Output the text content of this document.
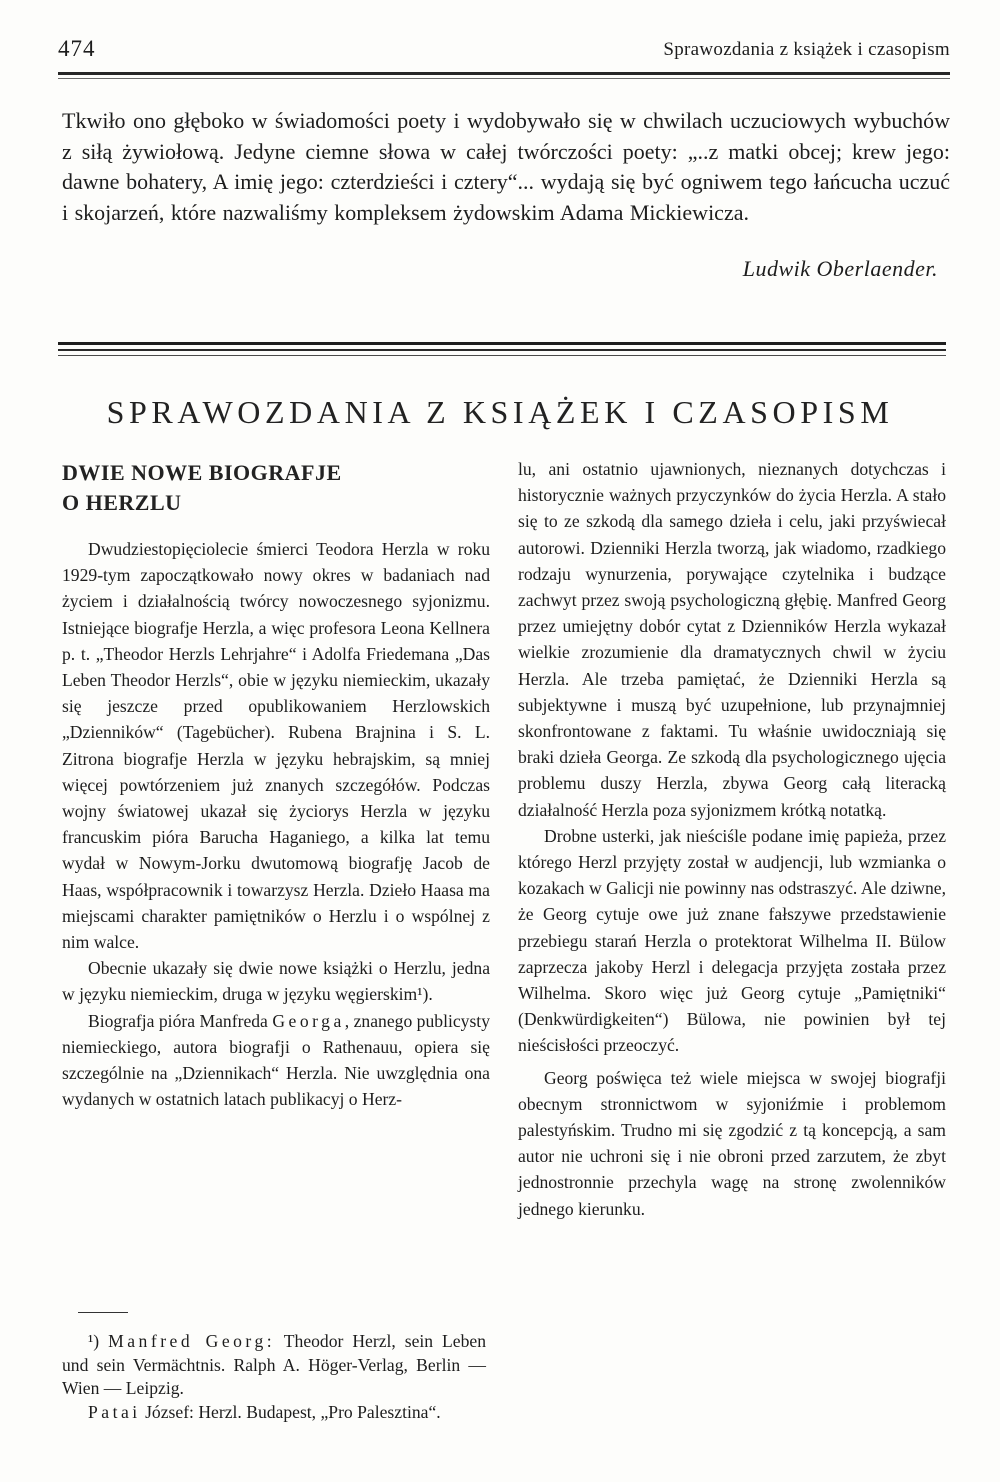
474	Sprawozdania z książek i czasopism

Tkwiło ono głęboko w świadomości poety i wydobywało się w chwilach uczuciowych wybuchów z siłą żywiołową. Jedyne ciemne słowa w całej twórczości poety: „..z matki obcej; krew jego: dawne bohatery, A imię jego: czterdzieści i cztery“... wydają się być ogniwem tego łańcucha uczuć i skojarzeń, które nazwaliśmy kompleksem żydowskim Adama Mickiewicza.

Ludwik Oberlaender.
SPRAWOZDANIA Z KSIĄŻEK I CZASOPISM
DWIE NOWE BIOGRAFJE
O HERZLU

Dwudziestopięciolecie śmierci Teodora Herzla w roku 1929-tym zapoczątkowało nowy okres w badaniach nad życiem i działalnością twórcy nowoczesnego syjonizmu. Istniejące biografje Herzla, a więc profesora Leona Kellnera p. t. „Theodor Herzls Lehrjahre“ i Adolfa Friedemana „Das Leben Theodor Herzls“, obie w języku niemieckim, ukazały się jeszcze przed opublikowaniem Herzlowskich „Dzienników“ (Tagebücher). Rubena Brajnina i S. L. Zitrona biografje Herzla w języku hebrajskim, są mniej więcej powtórzeniem już znanych szczegółów. Podczas wojny światowej ukazał się życiorys Herzla w języku francuskim pióra Barucha Haganiego, a kilka lat temu wydał w Nowym-Jorku dwutomową biografję Jacob de Haas, współpracownik i towarzysz Herzla. Dzieło Haasa ma miejscami charakter pamiętników o Herzlu i o wspólnej z nim walce.

Obecnie ukazały się dwie nowe książki o Herzlu, jedna w języku niemieckim, druga w języku węgierskim¹).

Biografja pióra Manfreda Georga, znanego publicysty niemieckiego, autora biografji o Rathenauu, opiera się szczególnie na „Dziennikach“ Herzla. Nie uwzględnia ona wydanych w ostatnich latach publikacyj o Herz-

¹) Manfred Georg: Theodor Herzl, sein Leben und sein Vermächtnis. Ralph A. Höger-Verlag, Berlin — Wien — Leipzig.

Patai József: Herzl. Budapest, „Pro Palesztina“.

lu, ani ostatnio ujawnionych, nieznanych dotychczas i historycznie ważnych przyczynków do życia Herzla. A stało się to ze szkodą dla samego dzieła i celu, jaki przyświecał autorowi. Dzienniki Herzla tworzą, jak wiadomo, rzadkiego rodzaju wynurzenia, porywające czytelnika i budzące zachwyt przez swoją psychologiczną głębię. Manfred Georg przez umiejętny dobór cytat z Dzienników Herzla wykazał wielkie zrozumienie dla dramatycznych chwil w życiu Herzla. Ale trzeba pamiętać, że Dzienniki Herzla są subjektywne i muszą być uzupełnione, lub przynajmniej skonfrontowane z faktami. Tu właśnie uwidoczniają się braki dzieła Georga. Ze szkodą dla psychologicznego ujęcia problemu duszy Herzla, zbywa Georg całą literacką działalność Herzla poza syjonizmem krótką notatką.

Drobne usterki, jak nieściśle podane imię papieża, przez którego Herzl przyjęty został w audjencji, lub wzmianka o kozakach w Galicji nie powinny nas odstraszyć. Ale dziwne, że Georg cytuje owe już znane fałszywe przedstawienie przebiegu starań Herzla o protektorat Wilhelma II. Bülow zaprzecza jakoby Herzl i delegacja przyjęta została przez Wilhelma. Skoro więc już Georg cytuje „Pamiętniki“ (Denkwürdigkeiten“) Bülowa, nie powinien był tej nieścisłości przeoczyć.

Georg poświęca też wiele miejsca w swojej biografji obecnym stronnictwom w syjoniźmie i problemom palestyńskim. Trudno mi się zgodzić z tą koncepcją, a sam autor nie uchroni się i nie obroni przed zarzutem, że zbyt jednostronnie przechyla wagę na stronę zwolenników jednego kierunku.
